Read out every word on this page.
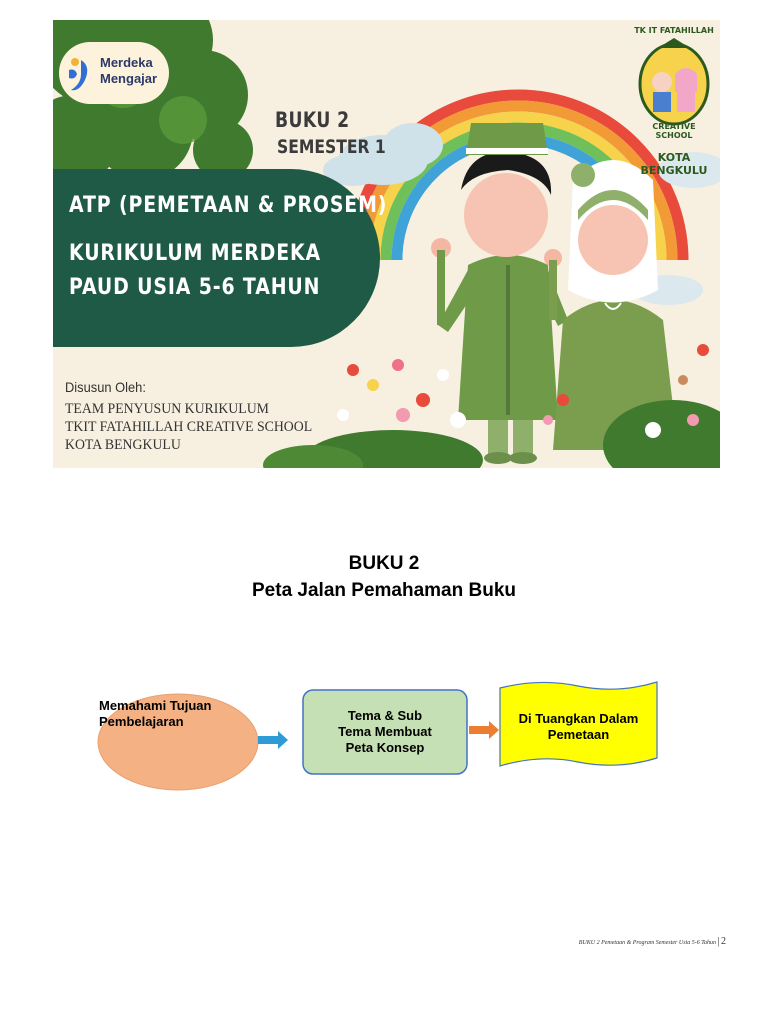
Merdeka
Mengajar
BUKU 2
SEMESTER 1
ATP (PEMETAAN & PROSEM)
KURIKULUM MERDEKA
PAUD USIA 5-6 TAHUN
Disusun Oleh:
TEAM PENYUSUN KURIKULUM
TKIT FATAHILLAH CREATIVE SCHOOL
KOTA BENGKULU
TK IT FATAHILLAH
CREATIVE SCHOOL
KOTA BENGKULU
BUKU 2
Peta Jalan Pemahaman Buku
Memahami Tujuan
Pembelajaran	Tema & Sub
Tema Membuat
Peta Konsep
Di Tuangkan Dalam
Pemetaan
BUKU 2 Pemetaan & Program Semester Usia 5-6 Tahun | 2
